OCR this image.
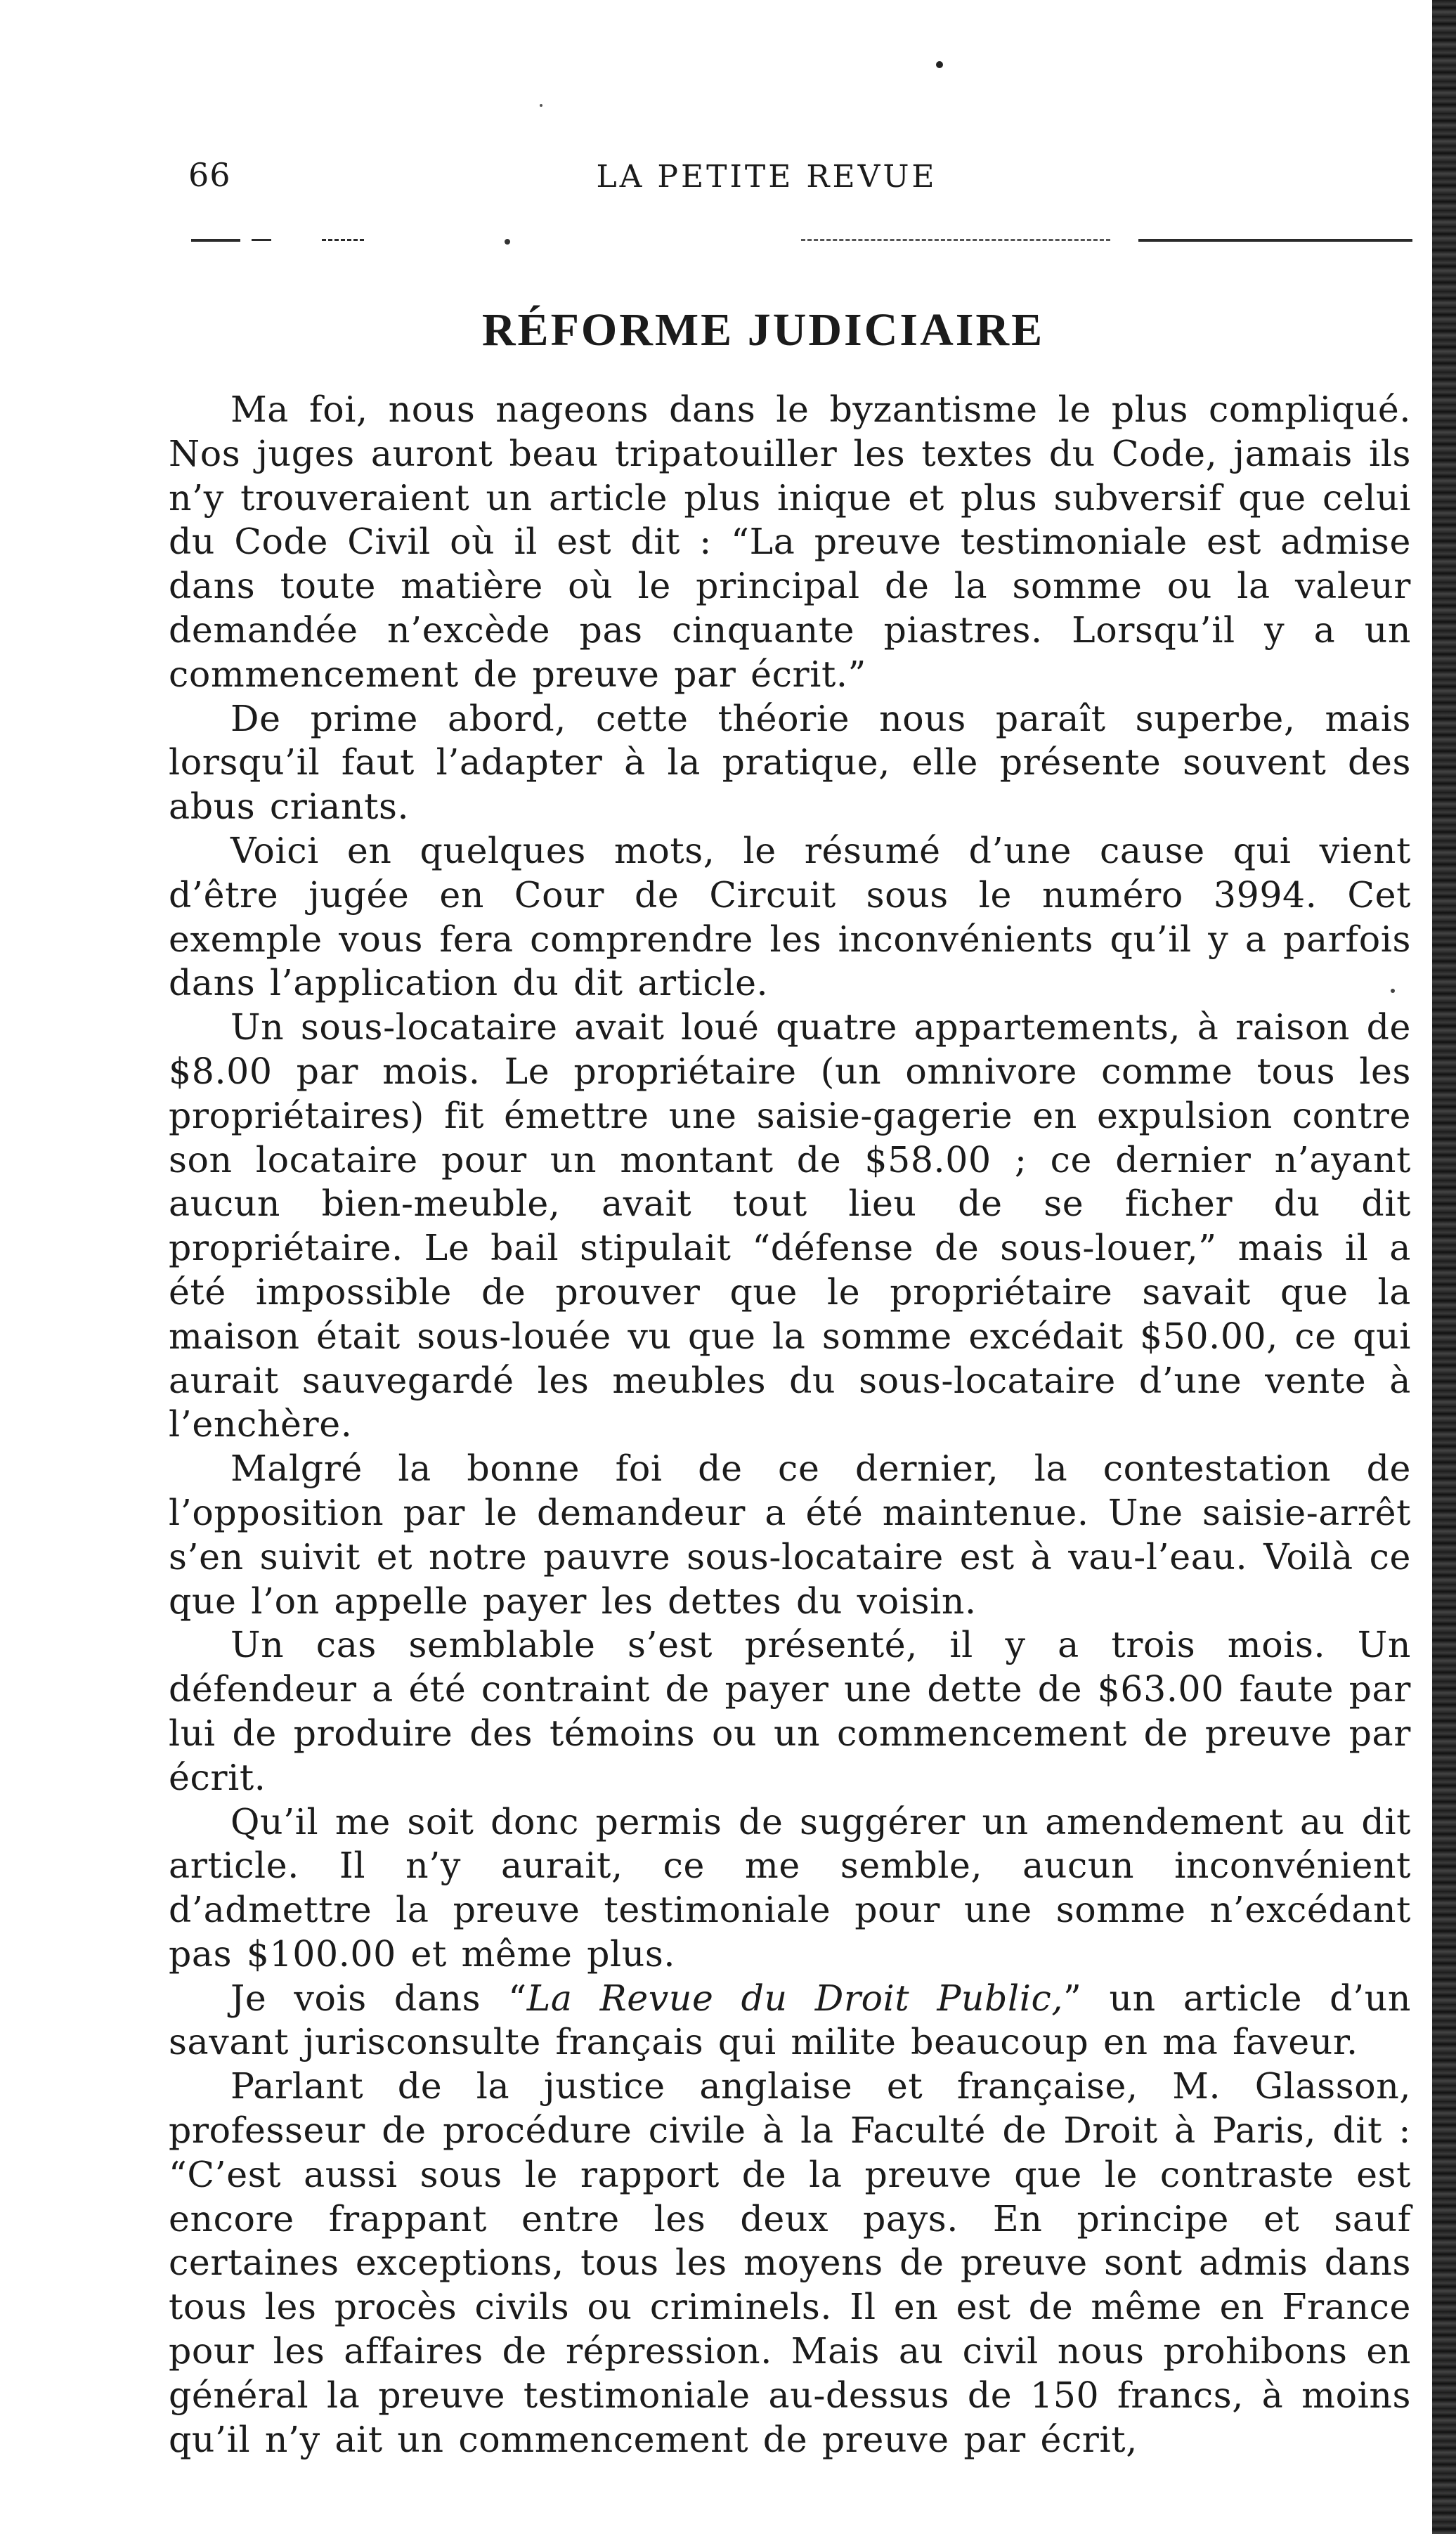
66	LA PETITE REVUE
RÉFORME JUDICIAIRE

Ma foi, nous nageons dans le byzantisme le plus compliqué. Nos juges auront beau tripatouiller les textes du Code, jamais ils n’y trouveraient un article plus inique et plus subversif que celui du Code Civil où il est dit : “La preuve testimoniale est admise dans toute matière où le principal de la somme ou la valeur demandée n’excède pas cinquante piastres. Lorsqu’il y a un commencement de preuve par écrit.”

De prime abord, cette théorie nous paraît superbe, mais lorsqu’il faut l’adapter à la pratique, elle présente souvent des abus criants.

Voici en quelques mots, le résumé d’une cause qui vient d’être jugée en Cour de Circuit sous le numéro 3994. Cet exemple vous fera comprendre les inconvénients qu’il y a parfois dans l’application du dit article.

Un sous-locataire avait loué quatre appartements, à raison de $8.00 par mois. Le propriétaire (un omnivore comme tous les propriétaires) fit émettre une saisie-gagerie en expulsion contre son locataire pour un montant de $58.00 ; ce dernier n’ayant aucun bien-meuble, avait tout lieu de se ficher du dit propriétaire. Le bail stipulait “défense de sous-louer,” mais il a été impossible de prouver que le propriétaire savait que la maison était sous-louée vu que la somme excédait $50.00, ce qui aurait sauvegardé les meubles du sous-locataire d’une vente à l’enchère.

Malgré la bonne foi de ce dernier, la contestation de l’opposition par le demandeur a été maintenue. Une saisie-arrêt s’en suivit et notre pauvre sous-locataire est à vau-l’eau. Voilà ce que l’on appelle payer les dettes du voisin.

Un cas semblable s’est présenté, il y a trois mois. Un défendeur a été contraint de payer une dette de $63.00 faute par lui de produire des témoins ou un commencement de preuve par écrit.

Qu’il me soit donc permis de suggérer un amendement au dit article. Il n’y aurait, ce me semble, aucun inconvénient d’admettre la preuve testimoniale pour une somme n’excédant pas $100.00 et même plus.

Je vois dans “La Revue du Droit Public,” un article d’un savant jurisconsulte français qui milite beaucoup en ma faveur.

Parlant de la justice anglaise et française, M. Glasson, professeur de procédure civile à la Faculté de Droit à Paris, dit : “C’est aussi sous le rapport de la preuve que le contraste est encore frappant entre les deux pays. En principe et sauf certaines exceptions, tous les moyens de preuve sont admis dans tous les procès civils ou criminels. Il en est de même en France pour les affaires de répression. Mais au civil nous prohibons en général la preuve testimoniale au-dessus de 150 francs, à moins qu’il n’y ait un commencement de preuve par écrit,
